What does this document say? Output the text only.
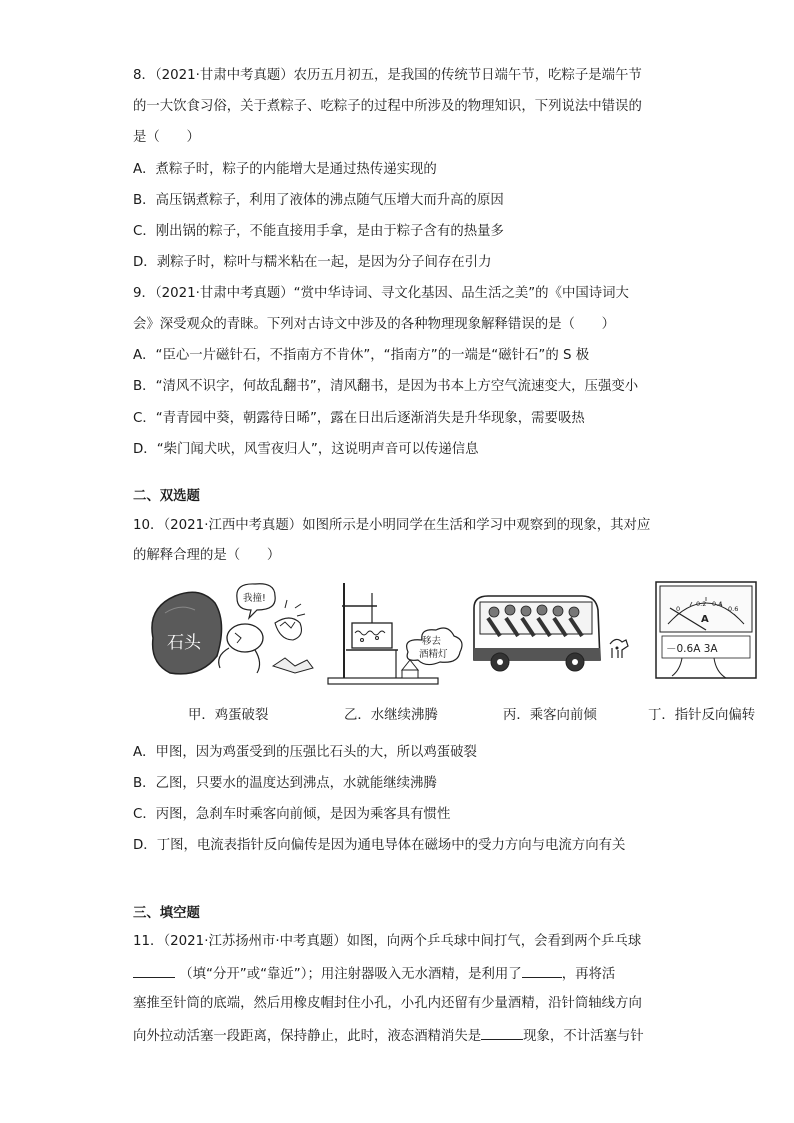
8．（2021·甘肃中考真题）农历五月初五，是我国的传统节日端午节，吃粽子是端午节
的一大饮食习俗，关于煮粽子、吃粽子的过程中所涉及的物理知识，下列说法中错误的
是（　　）
A．煮粽子时，粽子的内能增大是通过热传递实现的
B．高压锅煮粽子，利用了液体的沸点随气压增大而升高的原因
C．刚出锅的粽子，不能直接用手拿，是由于粽子含有的热量多
D．剥粽子时，粽叶与糯米粘在一起，是因为分子间存在引力
9．（2021·甘肃中考真题）“赏中华诗词、寻文化基因、品生活之美”的《中国诗词大
会》深受观众的青睐。下列对古诗文中涉及的各种物理现象解释错误的是（　　）
A．“臣心一片磁针石，不指南方不肯休”，“指南方”的一端是“磁针石”的 S 极
B．“清风不识字，何故乱翻书”，清风翻书，是因为书本上方空气流速变大，压强变小
C．“青青园中葵，朝露待日晞”，露在日出后逐渐消失是升华现象，需要吸热
D．“柴门闻犬吠，风雪夜归人”，这说明声音可以传递信息
二、双选题
10．（2021·江西中考真题）如图所示是小明同学在生活和学习中观察到的现象，其对应
的解释合理的是（　　）
石头
我撞!
移去
酒精灯
0
0.2 0.4
0.6
A
－0.6A 3A
甲．鸡蛋破裂	乙．水继续沸腾	丙．乘客向前倾	丁．指针反向偏转
A．甲图，因为鸡蛋受到的压强比石头的大，所以鸡蛋破裂
B．乙图，只要水的温度达到沸点，水就能继续沸腾
C．丙图，急刹车时乘客向前倾，是因为乘客具有惯性
D．丁图，电流表指针反向偏传是因为通电导体在磁场中的受力方向与电流方向有关
三、填空题
11．（2021·江苏扬州市·中考真题）如图，向两个乒乓球中间打气，会看到两个乒乓球
（填“分开”或“靠近”）；用注射器吸入无水酒精，是利用了	，再将活
塞推至针筒的底端，然后用橡皮帽封住小孔，小孔内还留有少量酒精，沿针筒轴线方向
向外拉动活塞一段距离，保持静止，此时，液态酒精消失是	现象，不计活塞与针
